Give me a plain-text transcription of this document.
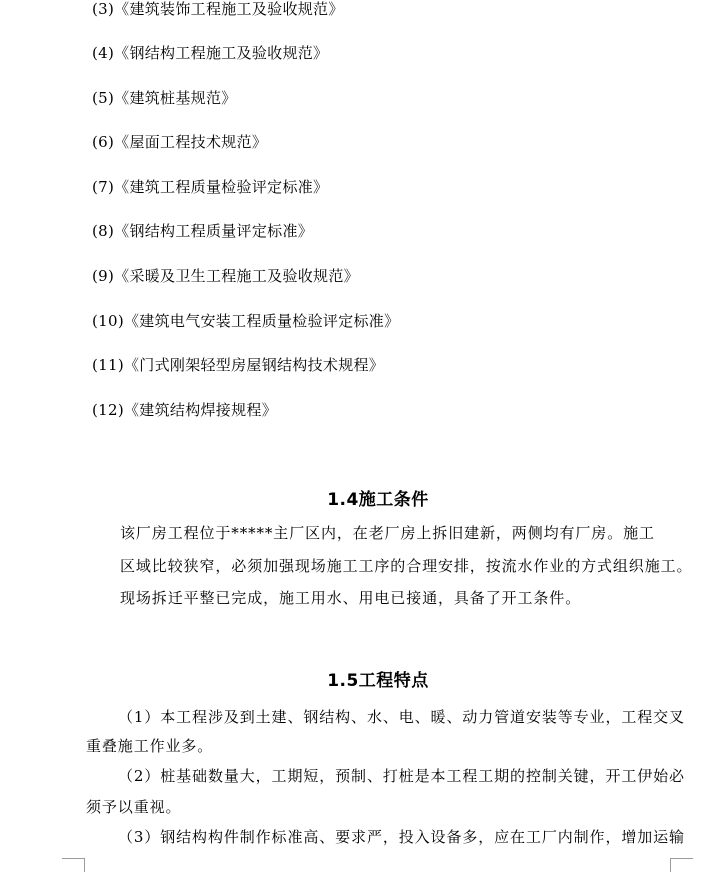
(3)《建筑装饰工程施工及验收规范》
(4)《钢结构工程施工及验收规范》
(5)《建筑桩基规范》
(6)《屋面工程技术规范》
(7)《建筑工程质量检验评定标准》
(8)《钢结构工程质量评定标准》
(9)《采暖及卫生工程施工及验收规范》
(10)《建筑电气安装工程质量检验评定标准》
(11)《门式刚架轻型房屋钢结构技术规程》
(12)《建筑结构焊接规程》
1.4施工条件
该厂房工程位于*****主厂区内，在老厂房上拆旧建新，两侧均有厂房。施工
区域比较狭窄，必须加强现场施工工序的合理安排，按流水作业的方式组织施工。
现场拆迁平整已完成，施工用水、用电已接通，具备了开工条件。
1.5工程特点
（1）本工程涉及到土建、钢结构、水、电、暖、动力管道安装等专业，工程交叉
重叠施工作业多。
（2）桩基础数量大，工期短，预制、打桩是本工程工期的控制关键，开工伊始必
须予以重视。
（3）钢结构构件制作标准高、要求严，投入设备多，应在工厂内制作，增加运输
